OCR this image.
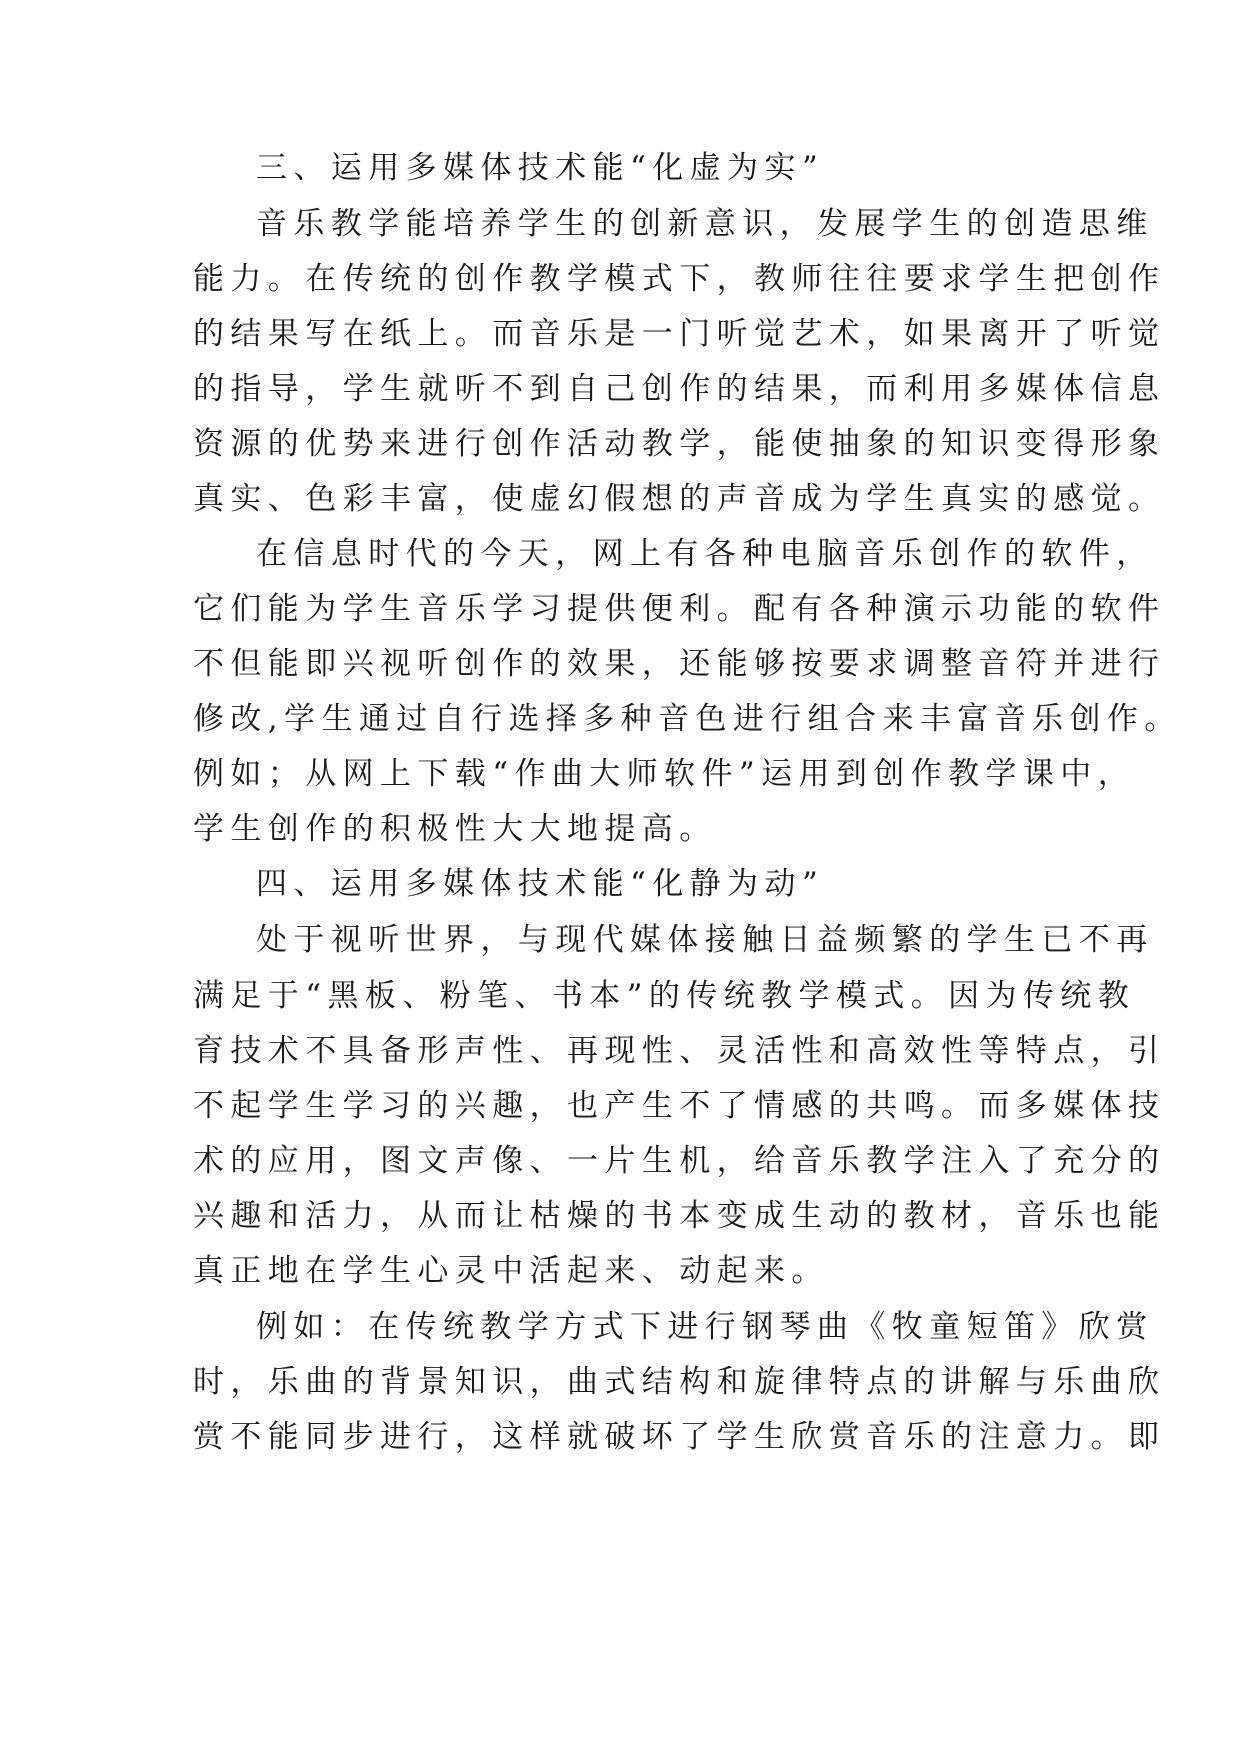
三、运用多媒体技术能“化虚为实”
音乐教学能培养学生的创新意识，发展学生的创造思维
能力。在传统的创作教学模式下，教师往往要求学生把创作
的结果写在纸上。而音乐是一门听觉艺术，如果离开了听觉
的指导，学生就听不到自己创作的结果，而利用多媒体信息
资源的优势来进行创作活动教学，能使抽象的知识变得形象
真实、色彩丰富，使虚幻假想的声音成为学生真实的感觉。
在信息时代的今天，网上有各种电脑音乐创作的软件，
它们能为学生音乐学习提供便利。配有各种演示功能的软件
不但能即兴视听创作的效果，还能够按要求调整音符并进行
修改,学生通过自行选择多种音色进行组合来丰富音乐创作。
例如；从网上下载“作曲大师软件”运用到创作教学课中，
学生创作的积极性大大地提高。
四、运用多媒体技术能“化静为动”
处于视听世界，与现代媒体接触日益频繁的学生已不再
满足于“黑板、粉笔、书本”的传统教学模式。因为传统教
育技术不具备形声性、再现性、灵活性和高效性等特点，引
不起学生学习的兴趣，也产生不了情感的共鸣。而多媒体技
术的应用，图文声像、一片生机，给音乐教学注入了充分的
兴趣和活力，从而让枯燥的书本变成生动的教材，音乐也能
真正地在学生心灵中活起来、动起来。
例如：在传统教学方式下进行钢琴曲《牧童短笛》欣赏
时，乐曲的背景知识，曲式结构和旋律特点的讲解与乐曲欣
赏不能同步进行，这样就破坏了学生欣赏音乐的注意力。即
